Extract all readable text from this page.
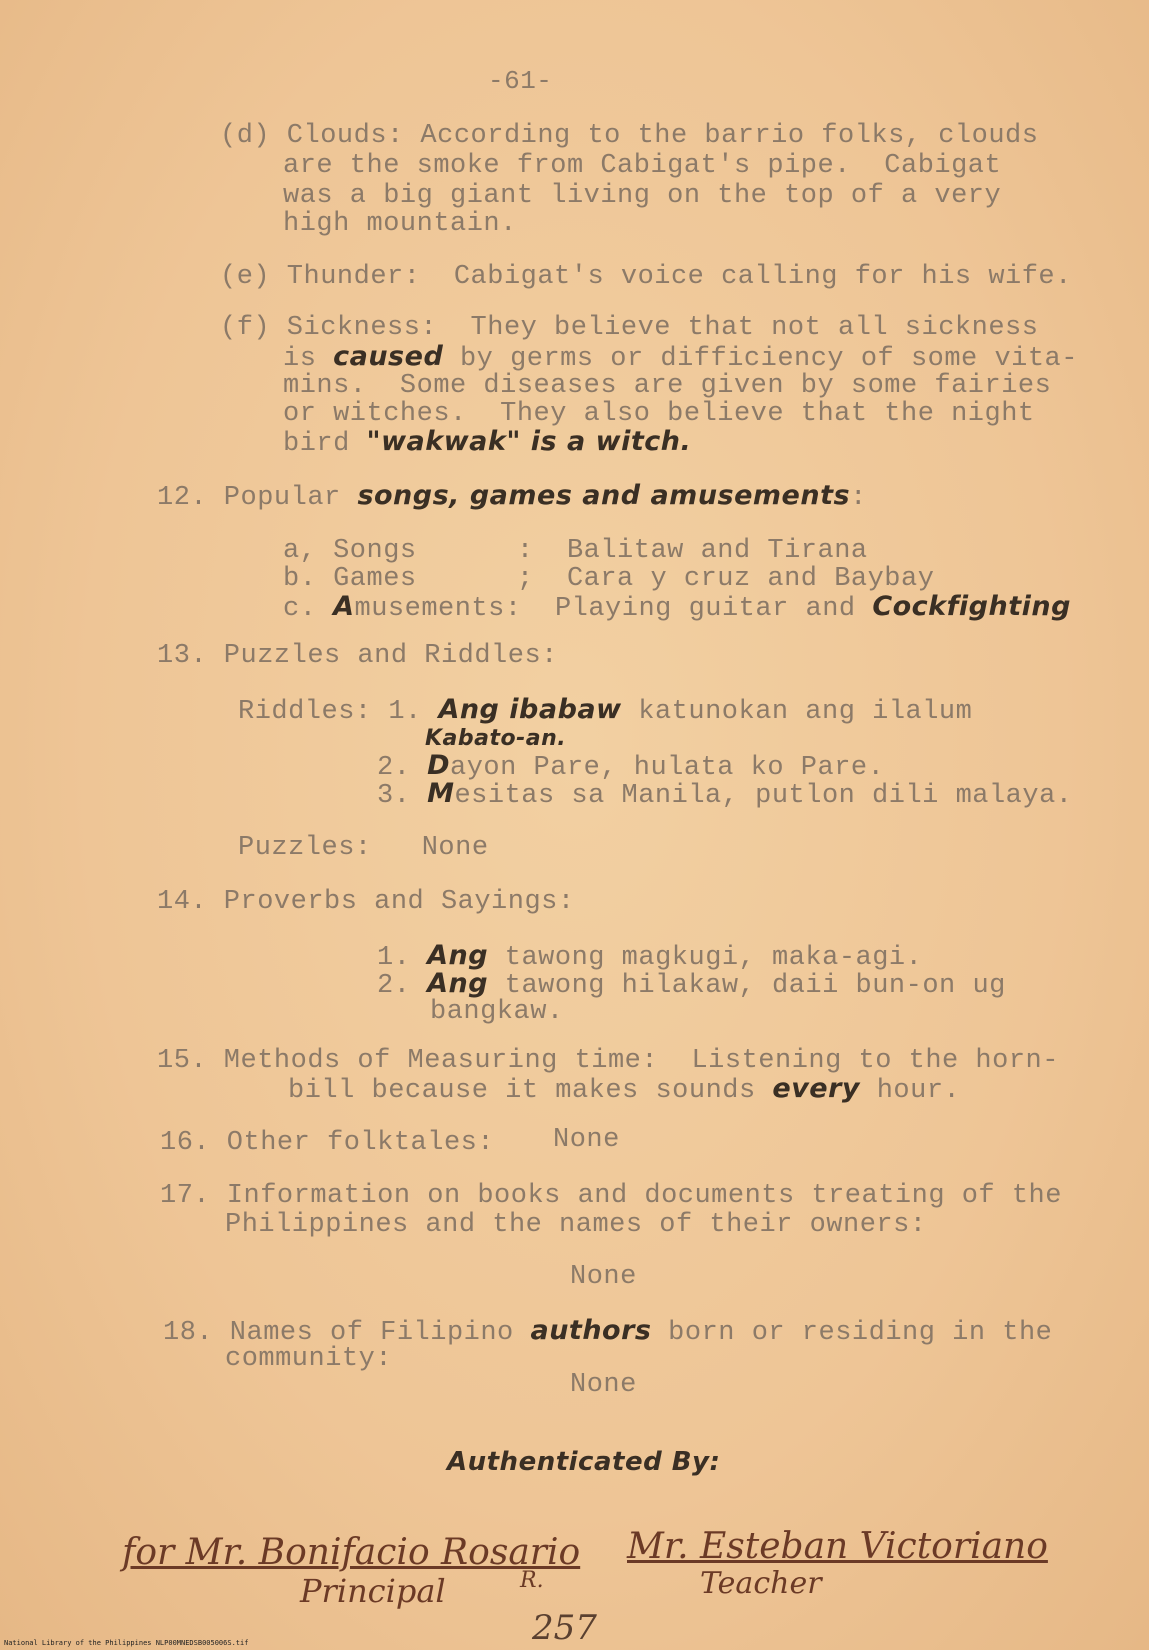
-61-
(d) Clouds: According to the barrio folks, clouds
are the smoke from Cabigat's pipe.  Cabigat
was a big giant living on the top of a very
high mountain.
(e) Thunder:  Cabigat's voice calling for his wife.
(f) Sickness:  They believe that not all sickness
is caused by germs or difficiency of some vita-
mins.  Some diseases are given by some fairies
or witches.  They also believe that the night
bird "wakwak" is a witch.
12. Popular songs, games and amusements:
a, Songs      :  Balitaw and Tirana
b. Games      ;  Cara y cruz and Baybay
c. Amusements:  Playing guitar and Cockfighting
13. Puzzles and Riddles:
Riddles: 1. Ang ibabaw katunokan ang ilalum
Kabato-an.
2. Dayon Pare, hulata ko Pare.
3. Mesitas sa Manila, putlon dili malaya.
Puzzles:   None
14. Proverbs and Sayings:
1. Ang tawong magkugi, maka-agi.
2. Ang tawong hilakaw, daii bun-on ug
bangkaw.
15. Methods of Measuring time:  Listening to the horn-
bill because it makes sounds every hour.
16. Other folktales: None
17. Information on books and documents treating of the
Philippines and the names of their owners:
None
18. Names of Filipino authors born or residing in the
community:
None
Authenticated By:
for Mr. Bonifacio Rosario
Principal	R.
Mr. Esteban Victoriano
Teacher
257
National Library of the Philippines NLP00MNEDSB005006S.tif
